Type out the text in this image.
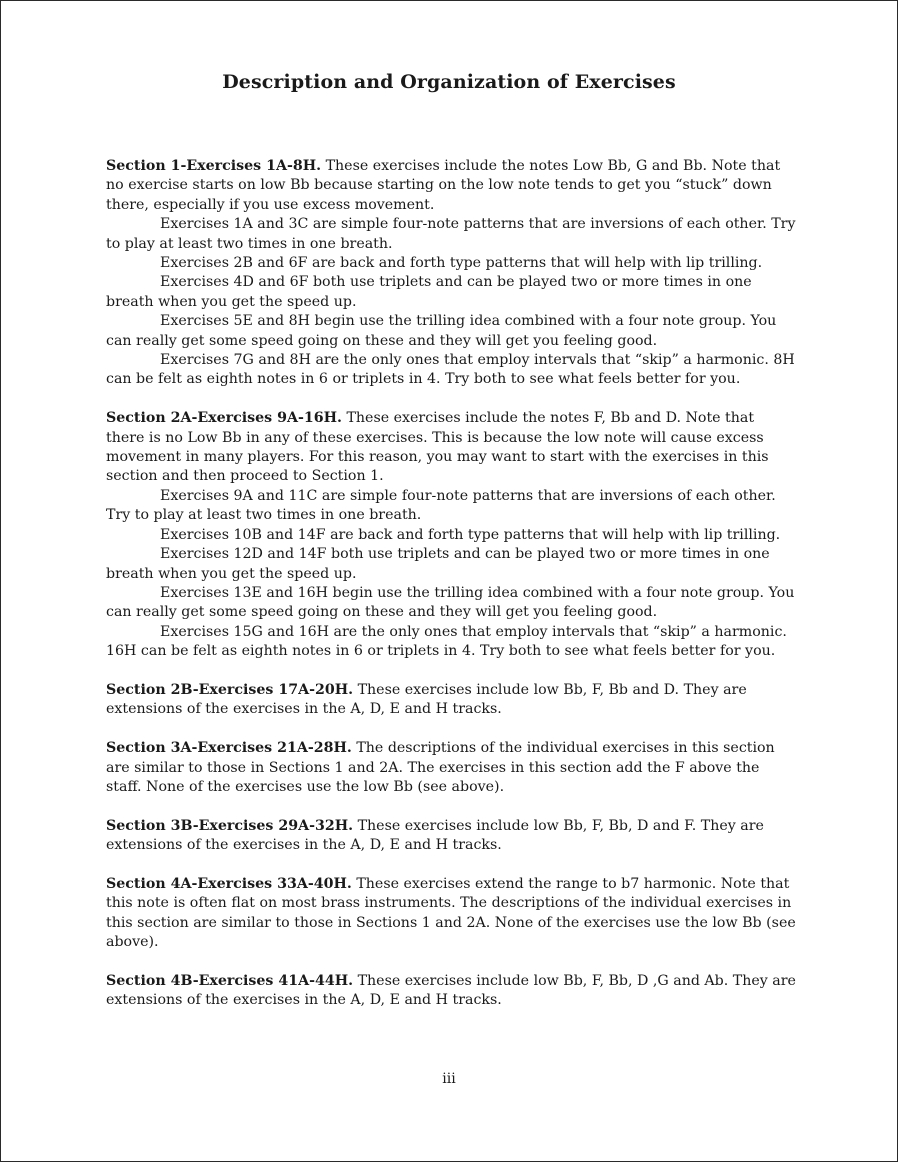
Description and Organization of Exercises

Section 1-Exercises 1A-8H. These exercises include the notes Low Bb, G and Bb. Note that no exercise starts on low Bb because starting on the low note tends to get you “stuck” down there, especially if you use excess movement.

Exercises 1A and 3C are simple four-note patterns that are inversions of each other. Try to play at least two times in one breath.

Exercises 2B and 6F are back and forth type patterns that will help with lip trilling.

Exercises 4D and 6F both use triplets and can be played two or more times in one breath when you get the speed up.

Exercises 5E and 8H begin use the trilling idea combined with a four note group. You can really get some speed going on these and they will get you feeling good.

Exercises 7G and 8H are the only ones that employ intervals that “skip” a harmonic. 8H can be felt as eighth notes in 6 or triplets in 4. Try both to see what feels better for you.

Section 2A-Exercises 9A-16H. These exercises include the notes F, Bb and D. Note that there is no Low Bb in any of these exercises. This is because the low note will cause excess movement in many players. For this reason, you may want to start with the exercises in this section and then proceed to Section 1.

Exercises 9A and 11C are simple four-note patterns that are inversions of each other. Try to play at least two times in one breath.

Exercises 10B and 14F are back and forth type patterns that will help with lip trilling.

Exercises 12D and 14F both use triplets and can be played two or more times in one breath when you get the speed up.

Exercises 13E and 16H begin use the trilling idea combined with a four note group. You can really get some speed going on these and they will get you feeling good.

Exercises 15G and 16H are the only ones that employ intervals that “skip” a harmonic. 16H can be felt as eighth notes in 6 or triplets in 4. Try both to see what feels better for you.

Section 2B-Exercises 17A-20H. These exercises include low Bb, F, Bb and D. They are extensions of the exercises in the A, D, E and H tracks.

Section 3A-Exercises 21A-28H. The descriptions of the individual exercises in this section are similar to those in Sections 1 and 2A. The exercises in this section add the F above the staff. None of the exercises use the low Bb (see above).

Section 3B-Exercises 29A-32H. These exercises include low Bb, F, Bb, D and F. They are extensions of the exercises in the A, D, E and H tracks.

Section 4A-Exercises 33A-40H. These exercises extend the range to b7 harmonic. Note that this note is often flat on most brass instruments. The descriptions of the individual exercises in this section are similar to those in Sections 1 and 2A. None of the exercises use the low Bb (see above).

Section 4B-Exercises 41A-44H. These exercises include low Bb, F, Bb, D ,G and Ab. They are extensions of the exercises in the A, D, E and H tracks.

iii
